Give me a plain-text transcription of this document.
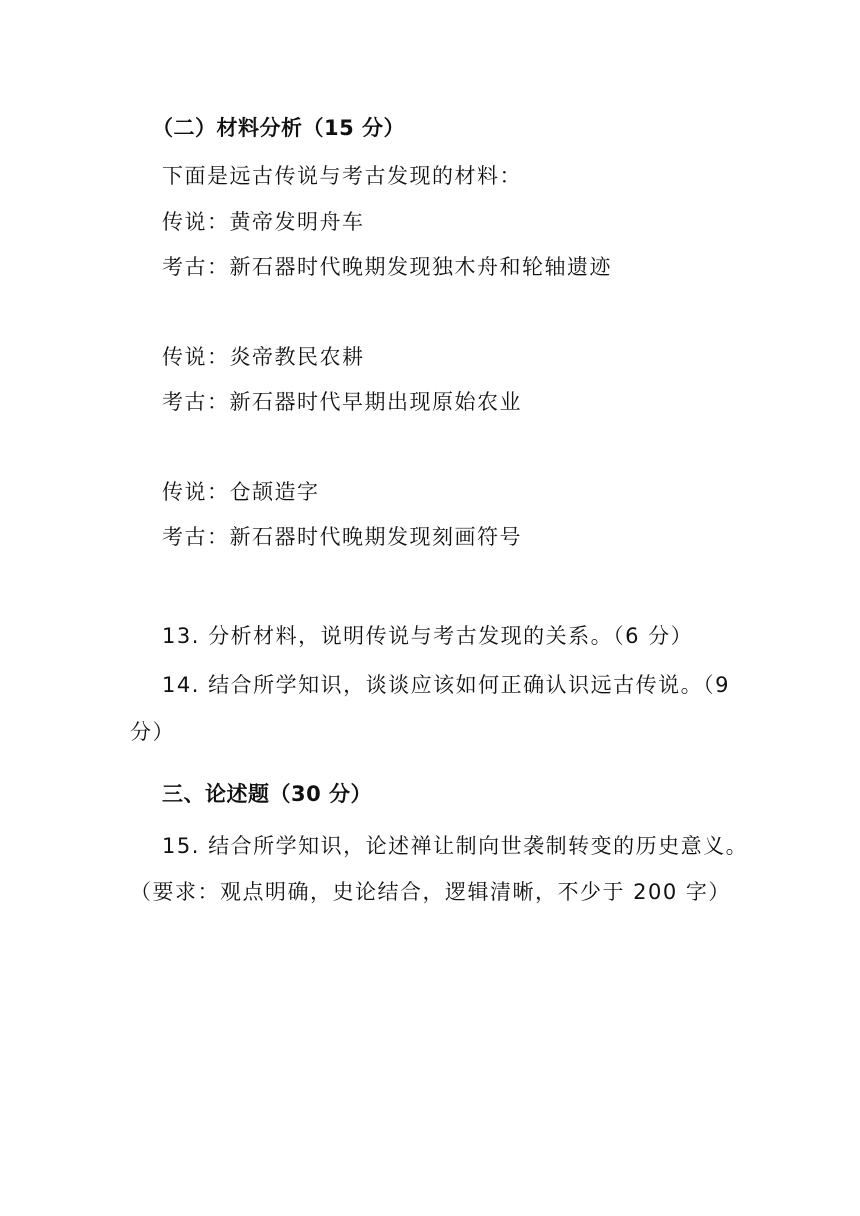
（二）材料分析（15 分）
下面是远古传说与考古发现的材料：
传说：黄帝发明舟车
考古：新石器时代晚期发现独木舟和轮轴遗迹
传说：炎帝教民农耕
考古：新石器时代早期出现原始农业
传说：仓颉造字
考古：新石器时代晚期发现刻画符号
13. 分析材料，说明传说与考古发现的关系。（6 分）
14. 结合所学知识，谈谈应该如何正确认识远古传说。（9
分）
三、论述题（30 分）
15. 结合所学知识，论述禅让制向世袭制转变的历史意义。
（要求：观点明确，史论结合，逻辑清晰，不少于 200 字）
